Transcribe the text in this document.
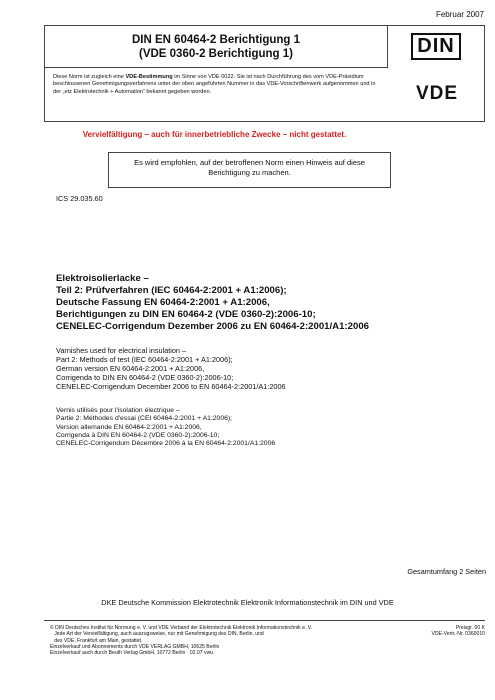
Februar 2007
DIN EN 60464-2 Berichtigung 1
(VDE 0360-2 Berichtigung 1)
Diese Norm ist zugleich eine VDE-Bestimmung im Sinne von VDE 0022. Sie ist nach Durchführung des vom VDE-Präsidium beschlossenen Genehmigungsverfahrens unter der oben angeführten Nummer in das VDE-Vorschriftenwerk aufgenommen und in der „etz Elektrotechnik + Automation“ bekannt gegeben worden.
DIN
VDE
Vervielfältigung – auch für innerbetriebliche Zwecke – nicht gestattet.
Es wird empfohlen, auf der betroffenen Norm einen Hinweis auf diese
Berichtigung zu machen.
ICS 29.035.60
Elektroisolierlacke –
Teil 2: Prüfverfahren (IEC 60464-2:2001 + A1:2006);
Deutsche Fassung EN 60464-2:2001 + A1:2006,
Berichtigungen zu DIN EN 60464-2 (VDE 0360-2):2006-10;
CENELEC-Corrigendum Dezember 2006 zu EN 60464-2:2001/A1:2006
Varnishes used for electrical insulation –
Part 2: Methods of test (IEC 60464-2:2001 + A1:2006);
German version EN 60464-2:2001 + A1:2006,
Corrigenda to DIN EN 60464-2 (VDE 0360-2):2006-10;
CENELEC-Corrigendum December 2006 to EN 60464-2:2001/A1:2006
Vernis utilisés pour l'isolation électrique –
Partie 2: Méthodes d'essai (CEI 60464-2:2001 + A1:2006);
Version allemande EN 60464-2:2001 + A1:2006,
Corrigenda à DIN EN 60464-2 (VDE 0360-2):2006-10;
CENELEC-Corrigendum Décembre 2006 à la EN 60464-2:2001/A1:2006
Gesamtumfang 2 Seiten
DKE Deutsche Kommission Elektrotechnik Elektronik Informationstechnik im DIN und VDE
© DIN Deutsches Institut für Normung e. V. und VDE Verband der Elektrotechnik Elektronik Informationstechnik e. V.
Jede Art der Vervielfältigung, auch auszugsweise, nur mit Genehmigung des DIN, Berlin, und
des VDE, Frankfurt am Main, gestattet.
Einzelverkauf und Abonnements durch VDE VERLAG GMBH, 10625 Berlin
Einzelverkauf auch durch Beuth Verlag GmbH, 10772 Berlin · 02.07 vwu
Preisgr. 00 K
VDE-Vertr.-Nr. 0360010
